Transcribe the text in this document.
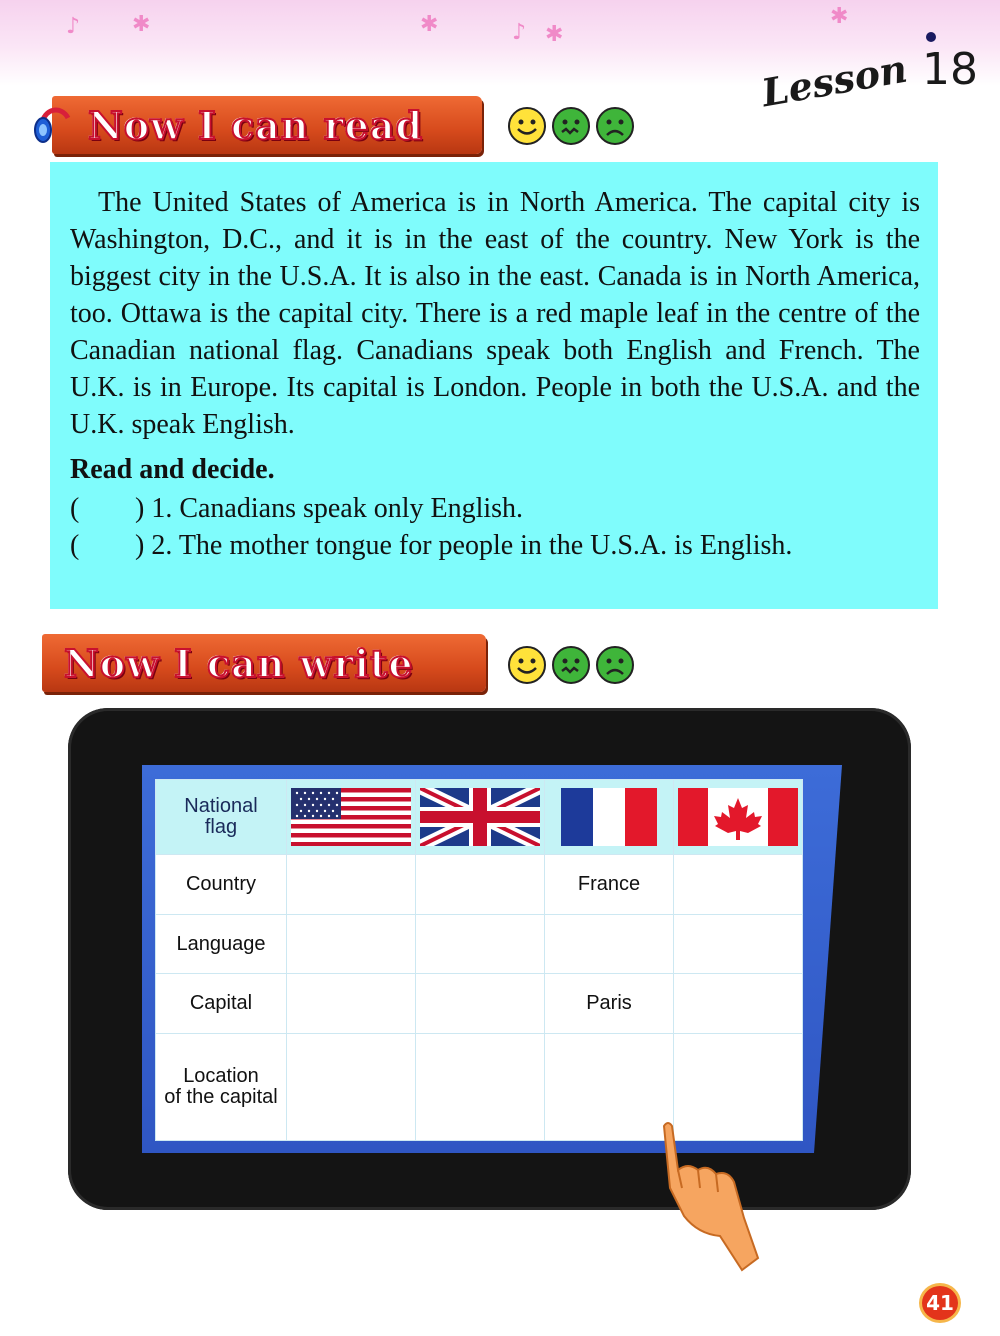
♪ ✱	✱	♪ ✱
✱
Lesson 18
Now I can read

The United States of America is in North America. The capital city is Washington, D.C., and it is in the east of the country. New York is the biggest city in the U.S.A. It is also in the east. Canada is in North America, too. Ottawa is the capital city. There is a red maple leaf in the centre of the Canadian national flag. Canadians speak both English and French. The U.K. is in Europe. Its capital is London. People in both the U.S.A. and the U.K. speak English.

Read and decide.

(	) 1. Canadians speak only English.
(	) 2. The mother tongue for people in the U.S.A. is English.
Now I can write
National
flag

Country			France	
Language				
Capital			Paris	

Location
of the capital				

41
